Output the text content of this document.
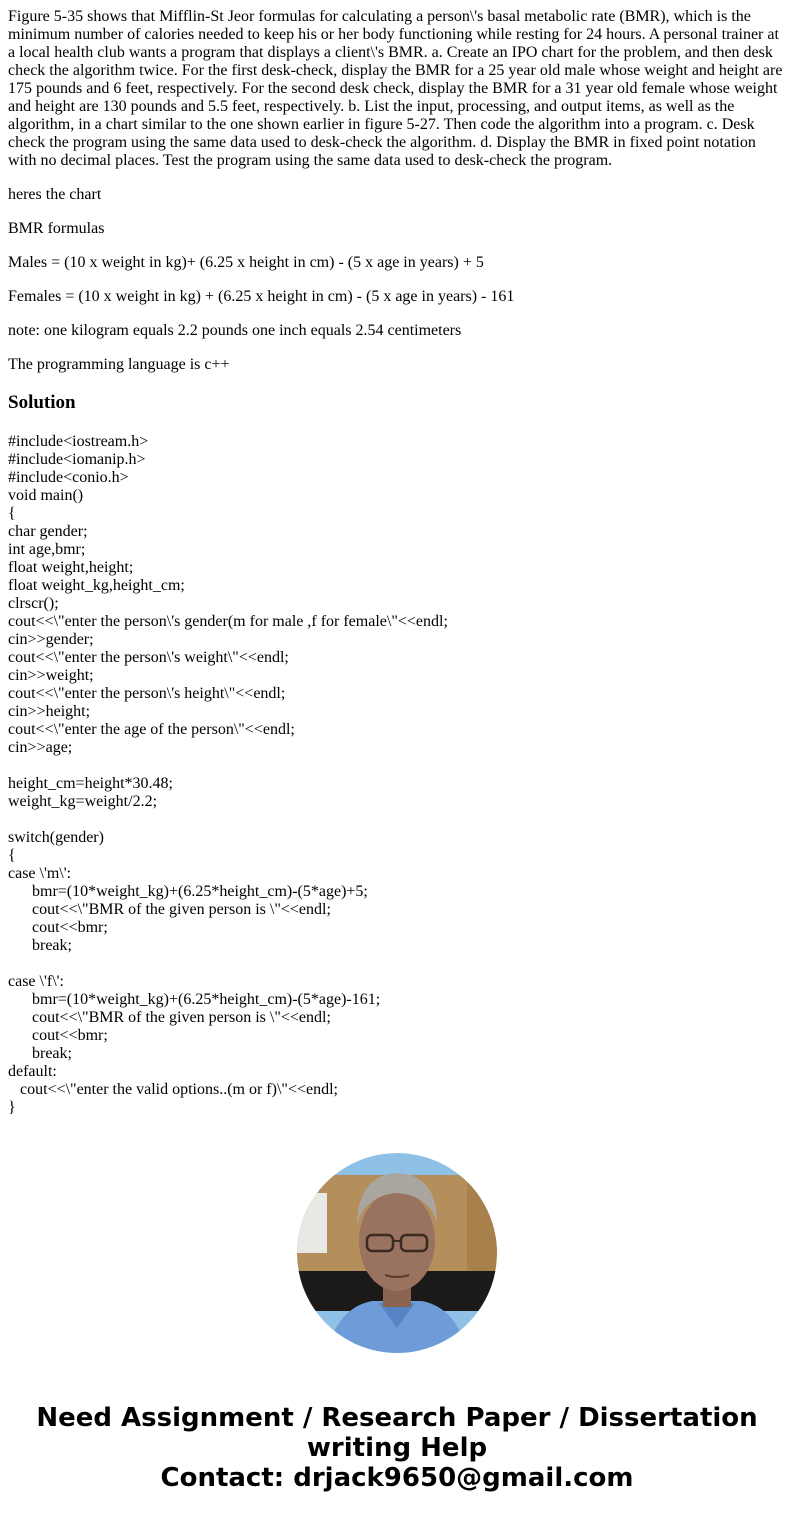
Figure 5-35 shows that Mifflin-St Jeor formulas for calculating a person\'s basal metabolic rate (BMR), which is the minimum number of calories needed to keep his or her body functioning while resting for 24 hours. A personal trainer at a local health club wants a program that displays a client\'s BMR. a. Create an IPO chart for the problem, and then desk check the algorithm twice. For the first desk-check, display the BMR for a 25 year old male whose weight and height are 175 pounds and 6 feet, respectively. For the second desk check, display the BMR for a 31 year old female whose weight and height are 130 pounds and 5.5 feet, respectively. b. List the input, processing, and output items, as well as the algorithm, in a chart similar to the one shown earlier in figure 5-27. Then code the algorithm into a program. c. Desk check the program using the same data used to desk-check the algorithm. d. Display the BMR in fixed point notation with no decimal places. Test the program using the same data used to desk-check the program.

heres the chart

BMR formulas

Males = (10 x weight in kg)+ (6.25 x height in cm) - (5 x age in years) + 5

Females = (10 x weight in kg) + (6.25 x height in cm) - (5 x age in years) - 161

note: one kilogram equals 2.2 pounds one inch equals 2.54 centimeters

The programming language is c++

Solution
#include<iostream.h>
#include<iomanip.h>
#include<conio.h>
void main()
{
char gender;
int age,bmr;
float weight,height;
float weight_kg,height_cm;
clrscr();
cout<<\"enter the person\'s gender(m for male ,f for female\"<<endl;
cin>>gender;
cout<<\"enter the person\'s weight\"<<endl;
cin>>weight;
cout<<\"enter the person\'s height\"<<endl;
cin>>height;
cout<<\"enter the age of the person\"<<endl;
cin>>age;
height_cm=height*30.48;
weight_kg=weight/2.2;
switch(gender)
{
case \'m\':
bmr=(10*weight_kg)+(6.25*height_cm)-(5*age)+5;
cout<<\"BMR of the given person is \"<<endl;
cout<<bmr;
break;
case \'f\':
bmr=(10*weight_kg)+(6.25*height_cm)-(5*age)-161;
cout<<\"BMR of the given person is \"<<endl;
cout<<bmr;
break;
default:
cout<<\"enter the valid options..(m or f)\"<<endl;
}
Need Assignment / Research Paper / Dissertation
writing Help
Contact: drjack9650@gmail.com
